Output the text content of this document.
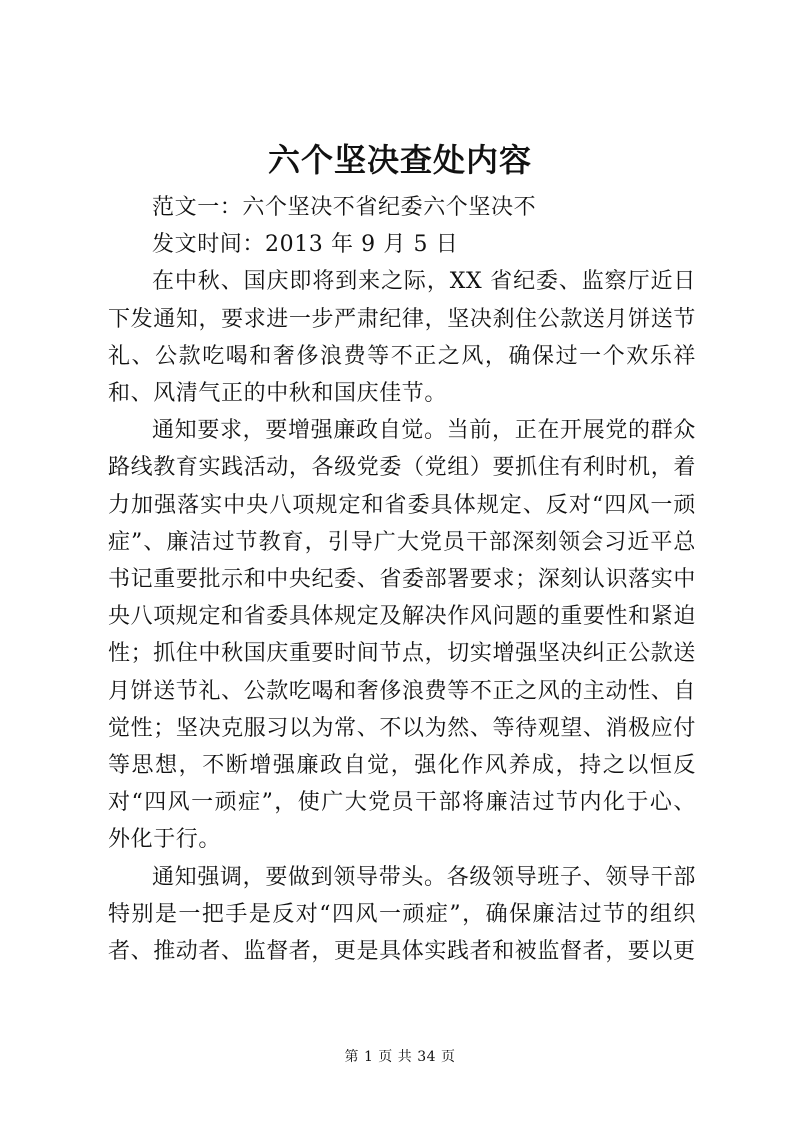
六个坚决查处内容

范文一：六个坚决不省纪委六个坚决不

发文时间：2013 年 9 月 5 日

在中秋、国庆即将到来之际，XX 省纪委、监察厅近日下发通知，要求进一步严肃纪律，坚决刹住公款送月饼送节礼、公款吃喝和奢侈浪费等不正之风，确保过一个欢乐祥和、风清气正的中秋和国庆佳节。

通知要求，要增强廉政自觉。当前，正在开展党的群众路线教育实践活动，各级党委（党组）要抓住有利时机，着力加强落实中央八项规定和省委具体规定、反对“四风一顽症”、廉洁过节教育，引导广大党员干部深刻领会习近平总书记重要批示和中央纪委、省委部署要求；深刻认识落实中央八项规定和省委具体规定及解决作风问题的重要性和紧迫性；抓住中秋国庆重要时间节点，切实增强坚决纠正公款送月饼送节礼、公款吃喝和奢侈浪费等不正之风的主动性、自觉性；坚决克服习以为常、不以为然、等待观望、消极应付等思想，不断增强廉政自觉，强化作风养成，持之以恒反对“四风一顽症”，使广大党员干部将廉洁过节内化于心、外化于行。

通知强调，要做到领导带头。各级领导班子、领导干部特别是一把手是反对“四风一顽症”，确保廉洁过节的组织者、推动者、监督者，更是具体实践者和被监督者，要以更

第 1 页 共 34 页
